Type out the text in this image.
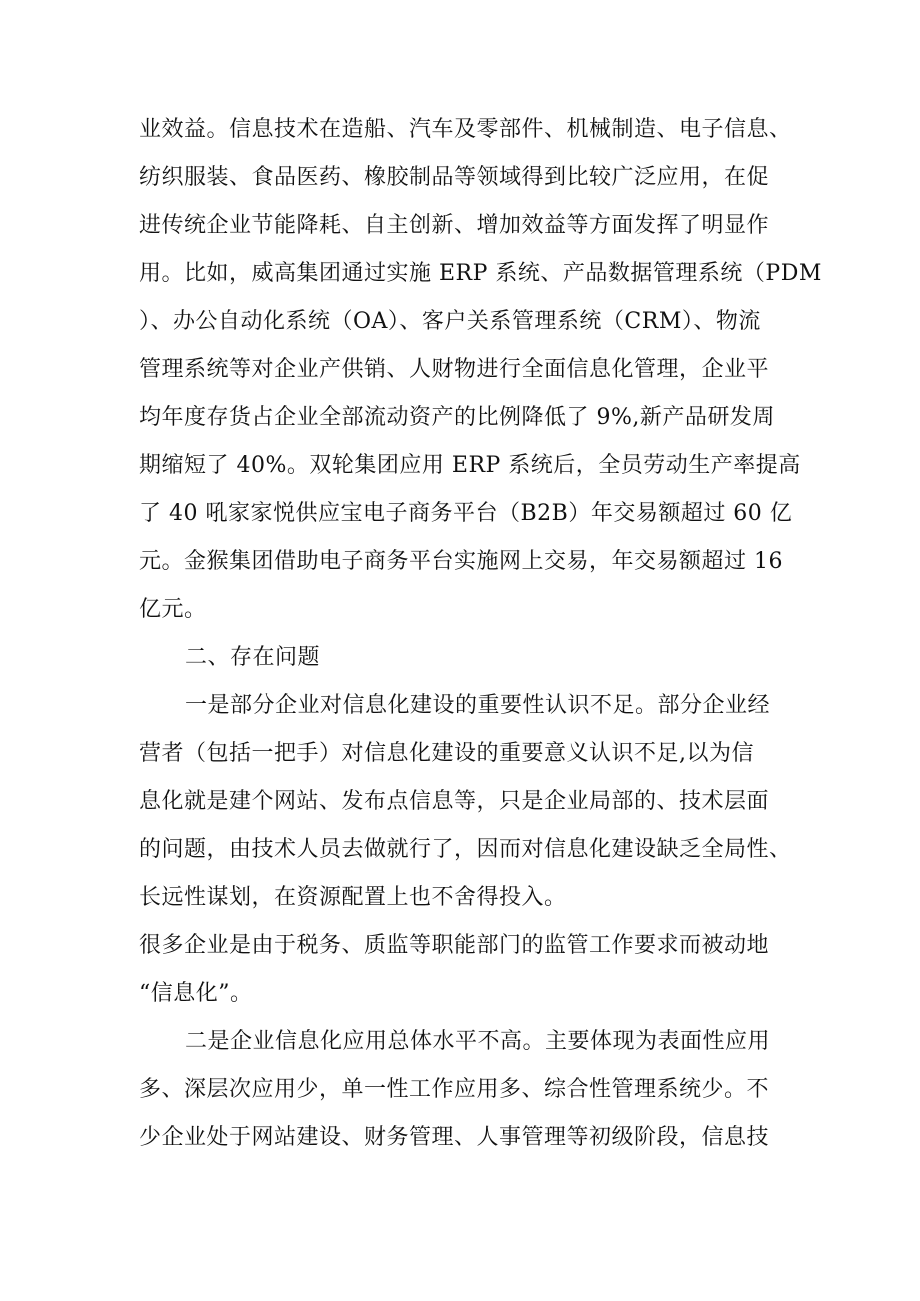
业效益。信息技术在造船、汽车及零部件、机械制造、电子信息、
纺织服装、食品医药、橡胶制品等领域得到比较广泛应用，在促
进传统企业节能降耗、自主创新、增加效益等方面发挥了明显作
用。比如，威高集团通过实施 ERP 系统、产品数据管理系统（PDM
）、办公自动化系统（OA）、客户关系管理系统（CRM）、物流
管理系统等对企业产供销、人财物进行全面信息化管理，企业平
均年度存货占企业全部流动资产的比例降低了 9%,新产品研发周
期缩短了 40%。双轮集团应用 ERP 系统后，全员劳动生产率提高
了 40 吼家家悦供应宝电子商务平台（B2B）年交易额超过 60 亿
元。金猴集团借助电子商务平台实施网上交易，年交易额超过 16
亿元。
二、存在问题
一是部分企业对信息化建设的重要性认识不足。部分企业经
营者（包括一把手）对信息化建设的重要意义认识不足,以为信
息化就是建个网站、发布点信息等，只是企业局部的、技术层面
的问题，由技术人员去做就行了，因而对信息化建设缺乏全局性、
长远性谋划，在资源配置上也不舍得投入。
很多企业是由于税务、质监等职能部门的监管工作要求而被动地
“信息化”。
二是企业信息化应用总体水平不高。主要体现为表面性应用
多、深层次应用少，单一性工作应用多、综合性管理系统少。不
少企业处于网站建设、财务管理、人事管理等初级阶段，信息技
